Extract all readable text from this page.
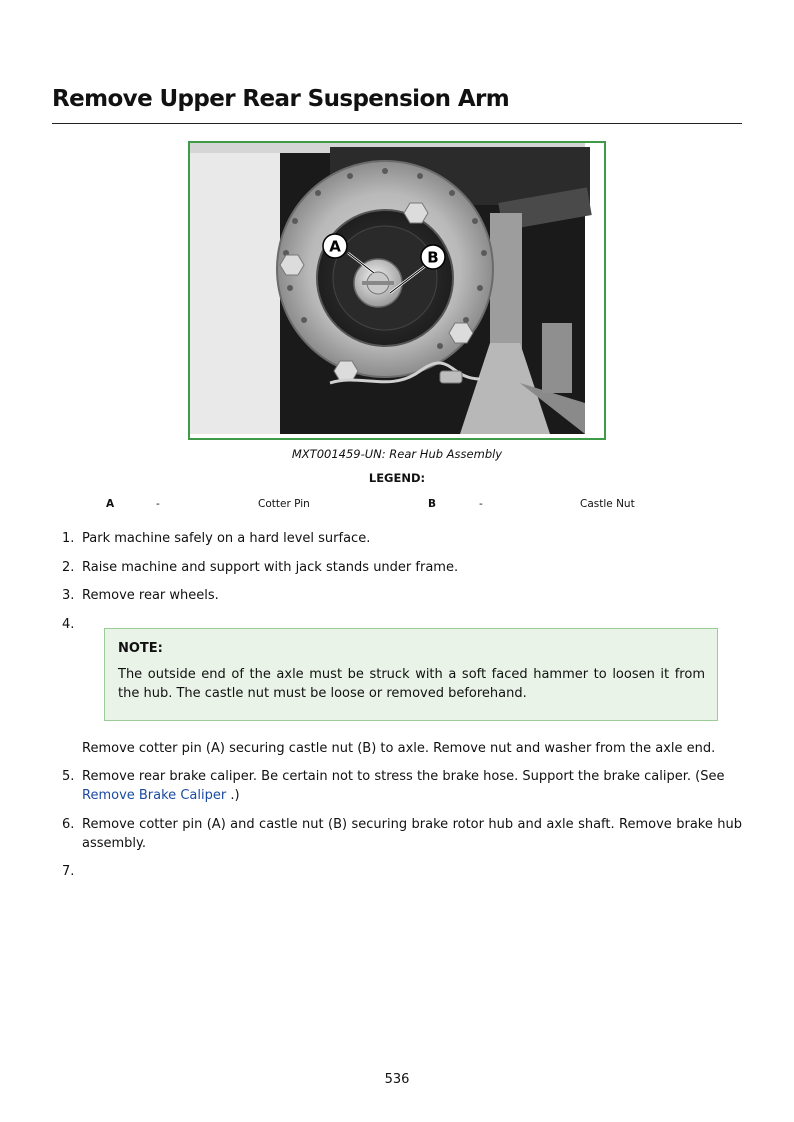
Remove Upper Rear Suspension Arm
A
B
MXT001459-UN: Rear Hub Assembly
LEGEND:
A	-	Cotter Pin	B	-	Castle Nut
1. Park machine safely on a hard level surface.
2. Raise machine and support with jack stands under frame.
3. Remove rear wheels.
4.
NOTE:
The outside end of the axle must be struck with a soft faced hammer to loosen it from the hub. The castle nut must be loose or removed beforehand.
Remove cotter pin (A) securing castle nut (B) to axle. Remove nut and washer from the axle end.
5. Remove rear brake caliper. Be certain not to stress the brake hose. Support the brake caliper. (See
Remove Brake Caliper .)
6. Remove cotter pin (A) and castle nut (B) securing brake rotor hub and axle shaft. Remove brake hub assembly.
7.
536
